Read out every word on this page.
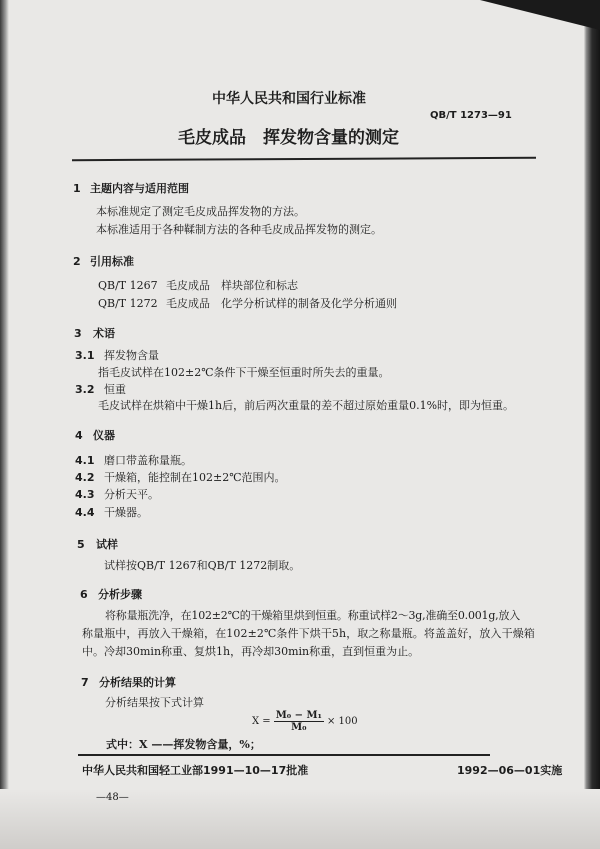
中华人民共和国行业标准
QB/T 1273—91
毛皮成品　挥发物含量的测定
1 主题内容与适用范围
本标准规定了测定毛皮成品挥发物的方法。
本标准适用于各种鞣制方法的各种毛皮成品挥发物的测定。
2 引用标准
QB/T 1267 毛皮成品　样块部位和标志
QB/T 1272 毛皮成品　化学分析试样的制备及化学分析通则
3 术语
3.1 挥发物含量
指毛皮试样在102±2℃条件下干燥至恒重时所失去的重量。
3.2 恒重
毛皮试样在烘箱中干燥1h后，前后两次重量的差不超过原始重量0.1%时，即为恒重。
4 仪器
4.1 磨口带盖称量瓶。
4.2 干燥箱，能控制在102±2℃范围内。
4.3 分析天平。
4.4 干燥器。
5 试样
试样按QB/T 1267和QB/T 1272制取。
6 分析步骤
将称量瓶洗净，在102±2℃的干燥箱里烘到恒重。称重试样2～3g,准确至0.001g,放入
称量瓶中，再放入干燥箱，在102±2℃条件下烘干5h，取之称量瓶。将盖盖好，放入干燥箱
中。冷却30min称重、复烘1h，再冷却30min称重，直到恒重为止。
7 分析结果的计算
分析结果按下式计算
$X = \frac{\text{M₀ − M₁}}{\text{M₀}} \times 100$
式中：X ——挥发物含量，%；
中华人民共和国轻工业部1991—10—17批准	1992—06—01实施
—48—
